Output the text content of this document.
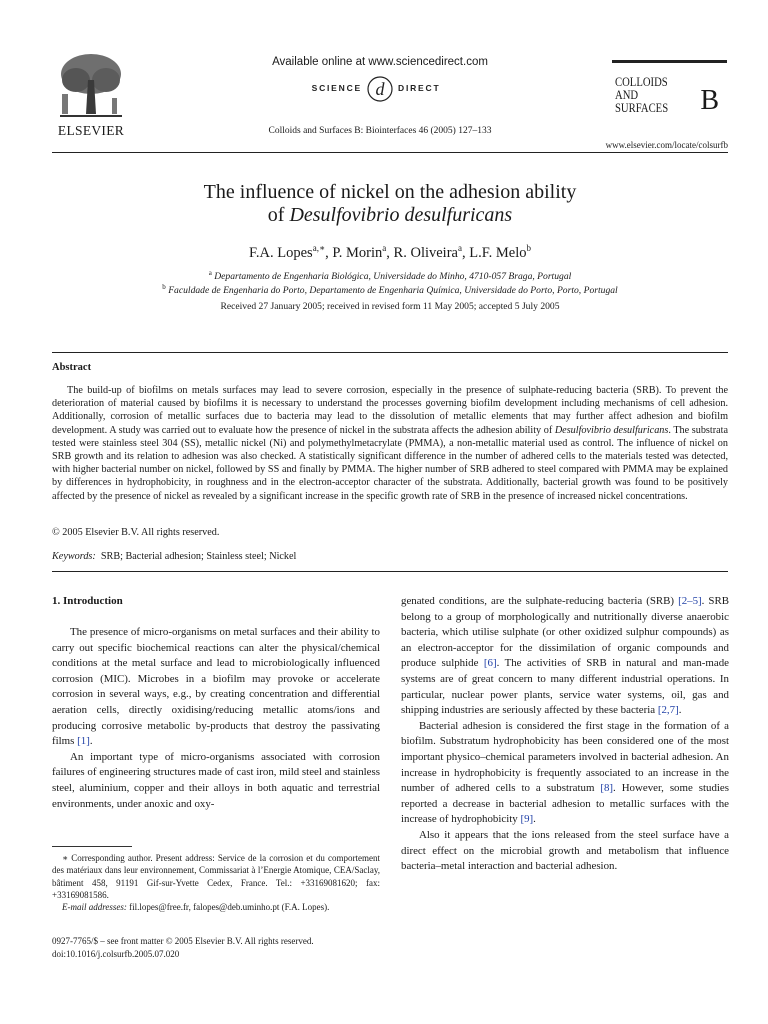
ELSEVIER
Available online at www.sciencedirect.com
SCIENCE d DIRECT
Colloids and Surfaces B: Biointerfaces 46 (2005) 127–133
COLLOIDS
AND
SURFACES B
www.elsevier.com/locate/colsurfb
The influence of nickel on the adhesion ability
of Desulfovibrio desulfuricans
F.A. Lopes$^{a,∗}$, P. Morin$^a$, R. Oliveira$^a$, L.F. Melo$^b$
$^a$ Departamento de Engenharia Biológica, Universidade do Minho, 4710-057 Braga, Portugal
$^b$ Faculdade de Engenharia do Porto, Departamento de Engenharia Química, Universidade do Porto, Porto, Portugal
Received 27 January 2005; received in revised form 11 May 2005; accepted 5 July 2005
Abstract
The build-up of biofilms on metals surfaces may lead to severe corrosion, especially in the presence of sulphate-reducing bacteria (SRB). To prevent the deterioration of material caused by biofilms it is necessary to understand the processes governing biofilm development including mechanisms of cell adhesion. Additionally, corrosion of metallic surfaces due to bacteria may lead to the dissolution of metallic elements that may further affect adhesion and biofilm development. A study was carried out to evaluate how the presence of nickel in the substrata affects the adhesion ability of Desulfovibrio desulfuricans. The substrata tested were stainless steel 304 (SS), metallic nickel (Ni) and polymethylmetacrylate (PMMA), a non-metallic material used as control. The influence of nickel on SRB growth and its relation to adhesion was also checked. A statistically significant difference in the number of adhered cells to the materials tested was detected, with higher bacterial number on nickel, followed by SS and finally by PMMA. The higher number of SRB adhered to steel compared with PMMA may be explained by differences in hydrophobicity, in roughness and in the electron-acceptor character of the substrata. Additionally, bacterial growth was found to be positively affected by the presence of nickel as revealed by a significant increase in the specific growth rate of SRB in the presence of increased nickel concentrations.
© 2005 Elsevier B.V. All rights reserved.
Keywords: SRB; Bacterial adhesion; Stainless steel; Nickel
1. Introduction

The presence of micro-organisms on metal surfaces and their ability to carry out specific biochemical reactions can alter the physical/chemical conditions at the metal surface and lead to microbiologically influenced corrosion (MIC). Microbes in a biofilm may provoke or accelerate corrosion in several ways, e.g., by creating concentration and differential aeration cells, directly oxidising/reducing metallic atoms/ions and producing corrosive metabolic by-products that destroy the passivating films [1].

An important type of micro-organisms associated with corrosion failures of engineering structures made of cast iron, mild steel and stainless steel, aluminium, copper and their alloys in both aquatic and terrestrial environments, under anoxic and oxy-

genated conditions, are the sulphate-reducing bacteria (SRB) [2–5]. SRB belong to a group of morphologically and nutritionally diverse anaerobic bacteria, which utilise sulphate (or other oxidized sulphur compounds) as an electron-acceptor for the dissimilation of organic compounds and produce sulphide [6]. The activities of SRB in natural and man-made systems are of great concern to many different industrial operations. In particular, nuclear power plants, service water systems, oil, gas and shipping industries are seriously affected by these bacteria [2,7].

Bacterial adhesion is considered the first stage in the formation of a biofilm. Substratum hydrophobicity has been considered one of the most important physico–chemical parameters involved in bacterial adhesion. An increase in hydrophobicity is frequently associated to an increase in the number of adhered cells to a substratum [8]. However, some studies reported a decrease in bacterial adhesion to metallic surfaces with the increase of hydrophobicity [9].

Also it appears that the ions released from the steel surface have a direct effect on the microbial growth and metabolism that influence bacteria–metal interaction and bacterial adhesion.

∗ Corresponding author. Present address: Service de la corrosion et du comportement des matériaux dans leur environnement, Commissariat à l’Energie Atomique, CEA/Saclay, bâtiment 458, 91191 Gif-sur-Yvette Cedex, France. Tel.: +33169081620; fax: +33169081586.

E-mail addresses: fil.lopes@free.fr, falopes@deb.uminho.pt (F.A. Lopes).

0927-7765/$ – see front matter © 2005 Elsevier B.V. All rights reserved.
doi:10.1016/j.colsurfb.2005.07.020
